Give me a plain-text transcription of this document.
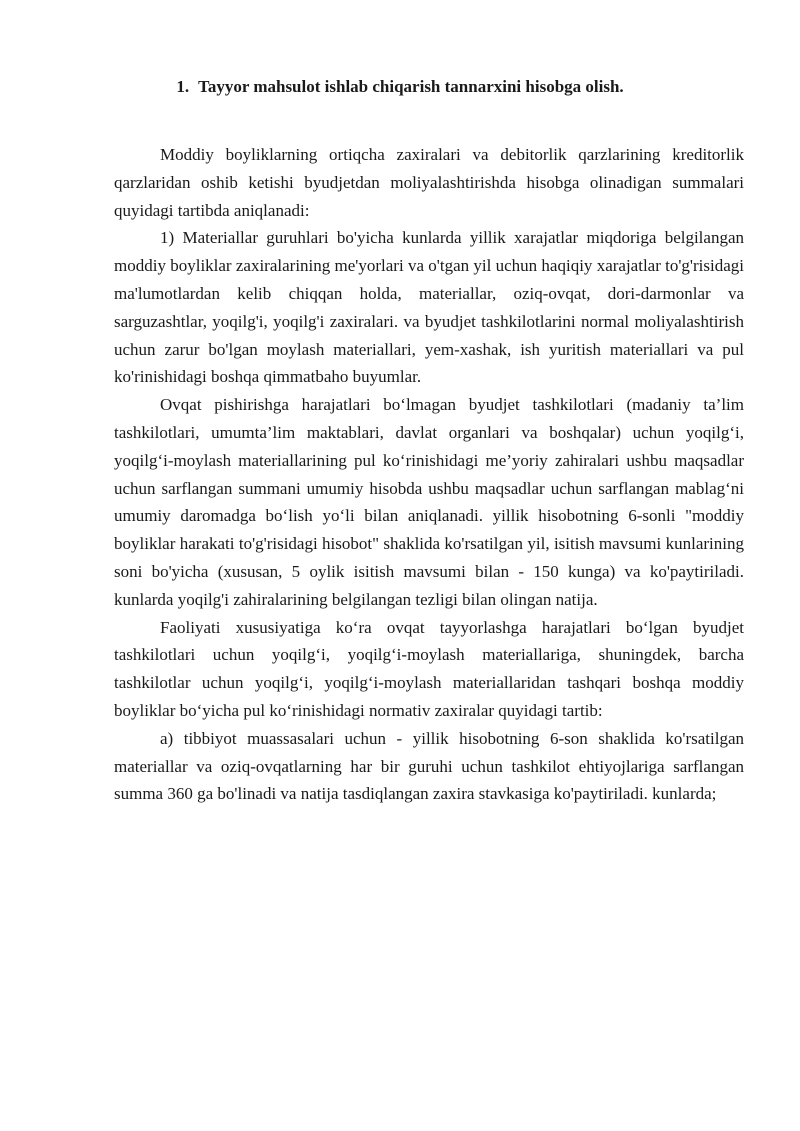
1. Tayyor mahsulot ishlab chiqarish tannarxini hisobga olish.

Moddiy boyliklarning ortiqcha zaxiralari va debitorlik qarzlarining kreditorlik qarzlaridan oshib ketishi byudjetdan moliyalashtirishda hisobga olinadigan summalari quyidagi tartibda aniqlanadi:

1) Materiallar guruhlari bo'yicha kunlarda yillik xarajatlar miqdoriga belgilangan moddiy boyliklar zaxiralarining me'yorlari va o'tgan yil uchun haqiqiy xarajatlar to'g'risidagi ma'lumotlardan kelib chiqqan holda, materiallar, oziq-ovqat, dori-darmonlar va sarguzashtlar, yoqilg'i, yoqilg'i zaxiralari. va byudjet tashkilotlarini normal moliyalashtirish uchun zarur bo'lgan moylash materiallari, yem-xashak, ish yuritish materiallari va pul ko'rinishidagi boshqa qimmatbaho buyumlar.

Ovqat pishirishga harajatlari bo‘lmagan byudjet tashkilotlari (madaniy ta’lim tashkilotlari, umumta’lim maktablari, davlat organlari va boshqalar) uchun yoqilg‘i, yoqilg‘i-moylash materiallarining pul ko‘rinishidagi me’yoriy zahiralari ushbu maqsadlar uchun sarflangan summani umumiy hisobda ushbu maqsadlar uchun sarflangan mablag‘ni umumiy daromadga bo‘lish yo‘li bilan aniqlanadi. yillik hisobotning 6-sonli "moddiy boyliklar harakati to'g'risidagi hisobot" shaklida ko'rsatilgan yil, isitish mavsumi kunlarining soni bo'yicha (xususan, 5 oylik isitish mavsumi bilan - 150 kunga) va ko'paytiriladi. kunlarda yoqilg'i zahiralarining belgilangan tezligi bilan olingan natija.

Faoliyati xususiyatiga ko‘ra ovqat tayyorlashga harajatlari bo‘lgan byudjet tashkilotlari uchun yoqilg‘i, yoqilg‘i-moylash materiallariga, shuningdek, barcha tashkilotlar uchun yoqilg‘i, yoqilg‘i-moylash materiallaridan tashqari boshqa moddiy boyliklar bo‘yicha pul ko‘rinishidagi normativ zaxiralar quyidagi tartib:

a) tibbiyot muassasalari uchun - yillik hisobotning 6-son shaklida ko'rsatilgan materiallar va oziq-ovqatlarning har bir guruhi uchun tashkilot ehtiyojlariga sarflangan summa 360 ga bo'linadi va natija tasdiqlangan zaxira stavkasiga ko'paytiriladi. kunlarda;
